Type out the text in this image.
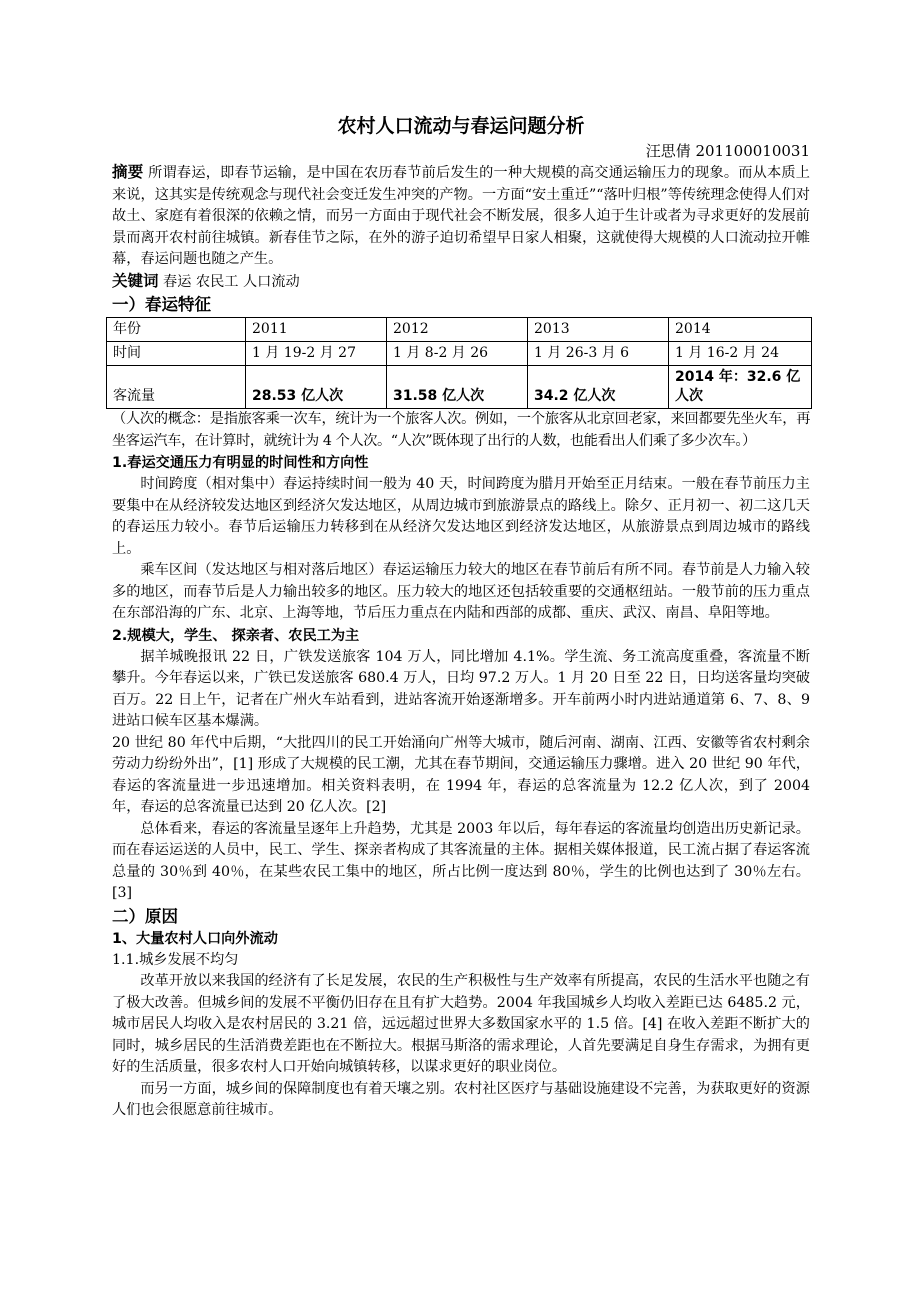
农村人口流动与春运问题分析

汪思倩 201100010031

摘要 所谓春运，即春节运输，是中国在农历春节前后发生的一种大规模的高交通运输压力的现象。而从本质上来说，这其实是传统观念与现代社会变迁发生冲突的产物。一方面“安土重迁”“落叶归根”等传统理念使得人们对故土、家庭有着很深的依赖之情，而另一方面由于现代社会不断发展，很多人迫于生计或者为寻求更好的发展前景而离开农村前往城镇。新春佳节之际，在外的游子迫切希望早日家人相聚，这就使得大规模的人口流动拉开帷幕，春运问题也随之产生。

关键词 春运 农民工 人口流动

一）春运特征
年份	2011	2012	2013	2014
时间	1 月 19-2 月 27	1 月 8-2 月 26	1 月 26-3 月 6	1 月 16-2 月 24
客流量	28.53 亿人次	31.58 亿人次	34.2 亿人次	2014 年：32.6 亿人次

（人次的概念：是指旅客乘一次车，统计为一个旅客人次。例如，一个旅客从北京回老家，来回都要先坐火车，再坐客运汽车，在计算时，就统计为 4 个人次。“人次”既体现了出行的人数，也能看出人们乘了多少次车。）

1.春运交通压力有明显的时间性和方向性

时间跨度（相对集中）春运持续时间一般为 40 天，时间跨度为腊月开始至正月结束。一般在春节前压力主要集中在从经济较发达地区到经济欠发达地区，从周边城市到旅游景点的路线上。除夕、正月初一、初二这几天的春运压力较小。春节后运输压力转移到在从经济欠发达地区到经济发达地区，从旅游景点到周边城市的路线上。

乘车区间（发达地区与相对落后地区）春运运输压力较大的地区在春节前后有所不同。春节前是人力输入较多的地区，而春节后是人力输出较多的地区。压力较大的地区还包括较重要的交通枢纽站。一般节前的压力重点在东部沿海的广东、北京、上海等地，节后压力重点在内陆和西部的成都、重庆、武汉、南昌、阜阳等地。

2.规模大，学生、 探亲者、农民工为主

据羊城晚报讯 22 日，广铁发送旅客 104 万人，同比增加 4.1%。学生流、务工流高度重叠，客流量不断攀升。今年春运以来，广铁已发送旅客 680.4 万人，日均 97.2 万人。1 月 20 日至 22 日，日均送客量均突破百万。22 日上午，记者在广州火车站看到，进站客流开始逐渐增多。开车前两小时内进站通道第 6、7、8、9 进站口候车区基本爆满。

20 世纪 80 年代中后期，“大批四川的民工开始涌向广州等大城市，随后河南、湖南、江西、安徽等省农村剩余劳动力纷纷外出”，[1] 形成了大规模的民工潮，尤其在春节期间，交通运输压力骤增。进入 20 世纪 90 年代，春运的客流量进一步迅速增加。相关资料表明，在 1994 年，春运的总客流量为 12.2 亿人次，到了 2004 年，春运的总客流量已达到 20 亿人次。[2]

总体看来，春运的客流量呈逐年上升趋势，尤其是 2003 年以后，每年春运的客流量均创造出历史新记录。而在春运运送的人员中，民工、学生、探亲者构成了其客流量的主体。据相关媒体报道，民工流占据了春运客流总量的 30％到 40％，在某些农民工集中的地区，所占比例一度达到 80％，学生的比例也达到了 30％左右。[3]

二）原因
1、大量农村人口向外流动

1.1.城乡发展不均匀

改革开放以来我国的经济有了长足发展，农民的生产积极性与生产效率有所提高，农民的生活水平也随之有了极大改善。但城乡间的发展不平衡仍旧存在且有扩大趋势。2004 年我国城乡人均收入差距已达 6485.2 元，城市居民人均收入是农村居民的 3.21 倍，远远超过世界大多数国家水平的 1.5 倍。[4] 在收入差距不断扩大的同时，城乡居民的生活消费差距也在不断拉大。根据马斯洛的需求理论，人首先要满足自身生存需求，为拥有更好的生活质量，很多农村人口开始向城镇转移，以谋求更好的职业岗位。

而另一方面，城乡间的保障制度也有着天壤之别。农村社区医疗与基础设施建设不完善，为获取更好的资源人们也会很愿意前往城市。
